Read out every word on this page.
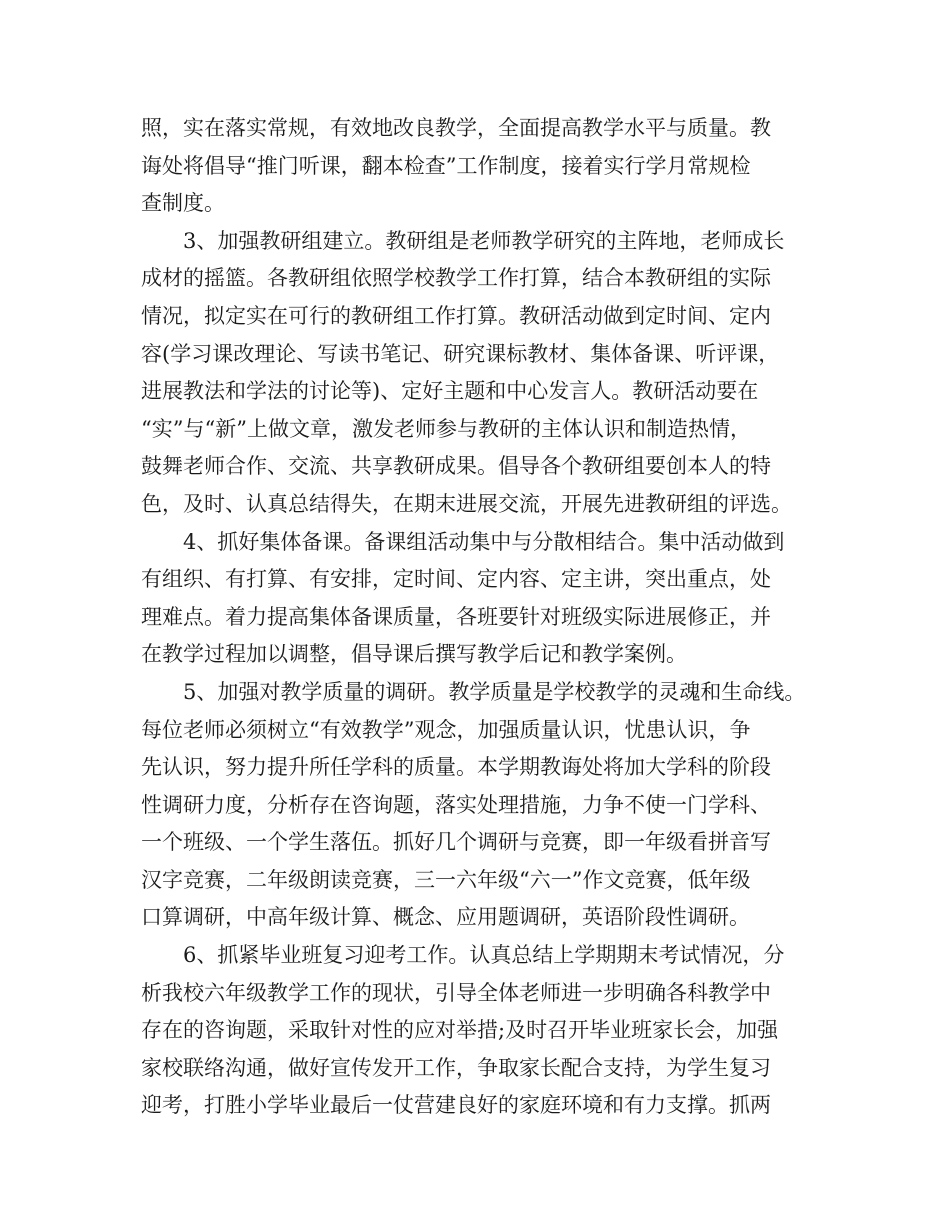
照，实在落实常规，有效地改良教学，全面提高教学水平与质量。教
诲处将倡导“推门听课，翻本检查”工作制度，接着实行学月常规检
查制度。
3、加强教研组建立。教研组是老师教学研究的主阵地，老师成长
成材的摇篮。各教研组依照学校教学工作打算，结合本教研组的实际
情况，拟定实在可行的教研组工作打算。教研活动做到定时间、定内
容(学习课改理论、写读书笔记、研究课标教材、集体备课、听评课，
进展教法和学法的讨论等)、定好主题和中心发言人。教研活动要在
“实”与“新”上做文章，激发老师参与教研的主体认识和制造热情，
鼓舞老师合作、交流、共享教研成果。倡导各个教研组要创本人的特
色，及时、认真总结得失，在期末进展交流，开展先进教研组的评选。
4、抓好集体备课。备课组活动集中与分散相结合。集中活动做到
有组织、有打算、有安排，定时间、定内容、定主讲，突出重点，处
理难点。着力提高集体备课质量，各班要针对班级实际进展修正，并
在教学过程加以调整，倡导课后撰写教学后记和教学案例。
5、加强对教学质量的调研。教学质量是学校教学的灵魂和生命线。
每位老师必须树立“有效教学”观念，加强质量认识，忧患认识，争
先认识，努力提升所任学科的质量。本学期教诲处将加大学科的阶段
性调研力度，分析存在咨询题，落实处理措施，力争不使一门学科、
一个班级、一个学生落伍。抓好几个调研与竞赛，即一年级看拼音写
汉字竞赛，二年级朗读竞赛，三一六年级“六一”作文竞赛，低年级
口算调研，中高年级计算、概念、应用题调研，英语阶段性调研。
6、抓紧毕业班复习迎考工作。认真总结上学期期末考试情况，分
析我校六年级教学工作的现状，引导全体老师进一步明确各科教学中
存在的咨询题，采取针对性的应对举措;及时召开毕业班家长会，加强
家校联络沟通，做好宣传发开工作，争取家长配合支持，为学生复习
迎考，打胜小学毕业最后一仗营建良好的家庭环境和有力支撑。抓两
